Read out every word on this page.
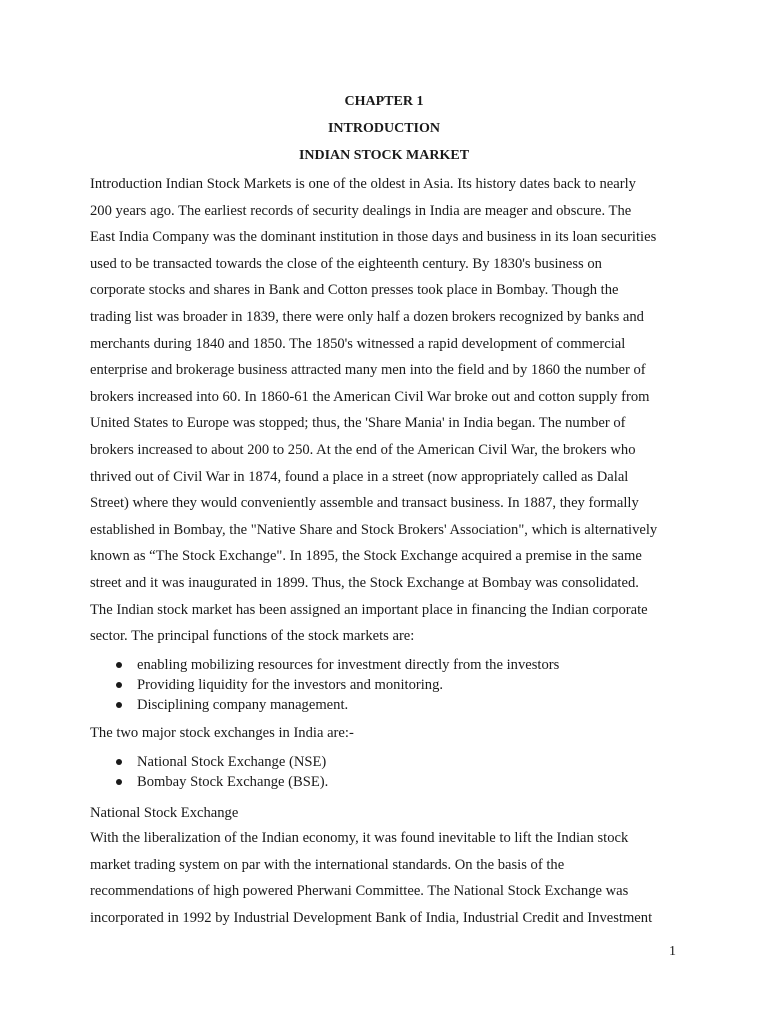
CHAPTER 1
INTRODUCTION
INDIAN STOCK MARKET

Introduction Indian Stock Markets is one of the oldest in Asia. Its history dates back to nearly
200 years ago. The earliest records of security dealings in India are meager and obscure. The
East India Company was the dominant institution in those days and business in its loan securities
used to be transacted towards the close of the eighteenth century. By 1830's business on
corporate stocks and shares in Bank and Cotton presses took place in Bombay. Though the
trading list was broader in 1839, there were only half a dozen brokers recognized by banks and
merchants during 1840 and 1850. The 1850's witnessed a rapid development of commercial
enterprise and brokerage business attracted many men into the field and by 1860 the number of
brokers increased into 60. In 1860-61 the American Civil War broke out and cotton supply from
United States to Europe was stopped; thus, the 'Share Mania' in India began. The number of
brokers increased to about 200 to 250. At the end of the American Civil War, the brokers who
thrived out of Civil War in 1874, found a place in a street (now appropriately called as Dalal
Street) where they would conveniently assemble and transact business. In 1887, they formally
established in Bombay, the "Native Share and Stock Brokers' Association", which is alternatively
known as “The Stock Exchange". In 1895, the Stock Exchange acquired a premise in the same
street and it was inaugurated in 1899. Thus, the Stock Exchange at Bombay was consolidated.
The Indian stock market has been assigned an important place in financing the Indian corporate
sector. The principal functions of the stock markets are:

enabling mobilizing resources for investment directly from the investors
Providing liquidity for the investors and monitoring.
Disciplining company management.
The two major stock exchanges in India are:-
National Stock Exchange (NSE)
Bombay Stock Exchange (BSE).
National Stock Exchange

With the liberalization of the Indian economy, it was found inevitable to lift the Indian stock
market trading system on par with the international standards. On the basis of the
recommendations of high powered Pherwani Committee. The National Stock Exchange was
incorporated in 1992 by Industrial Development Bank of India, Industrial Credit and Investment

1
